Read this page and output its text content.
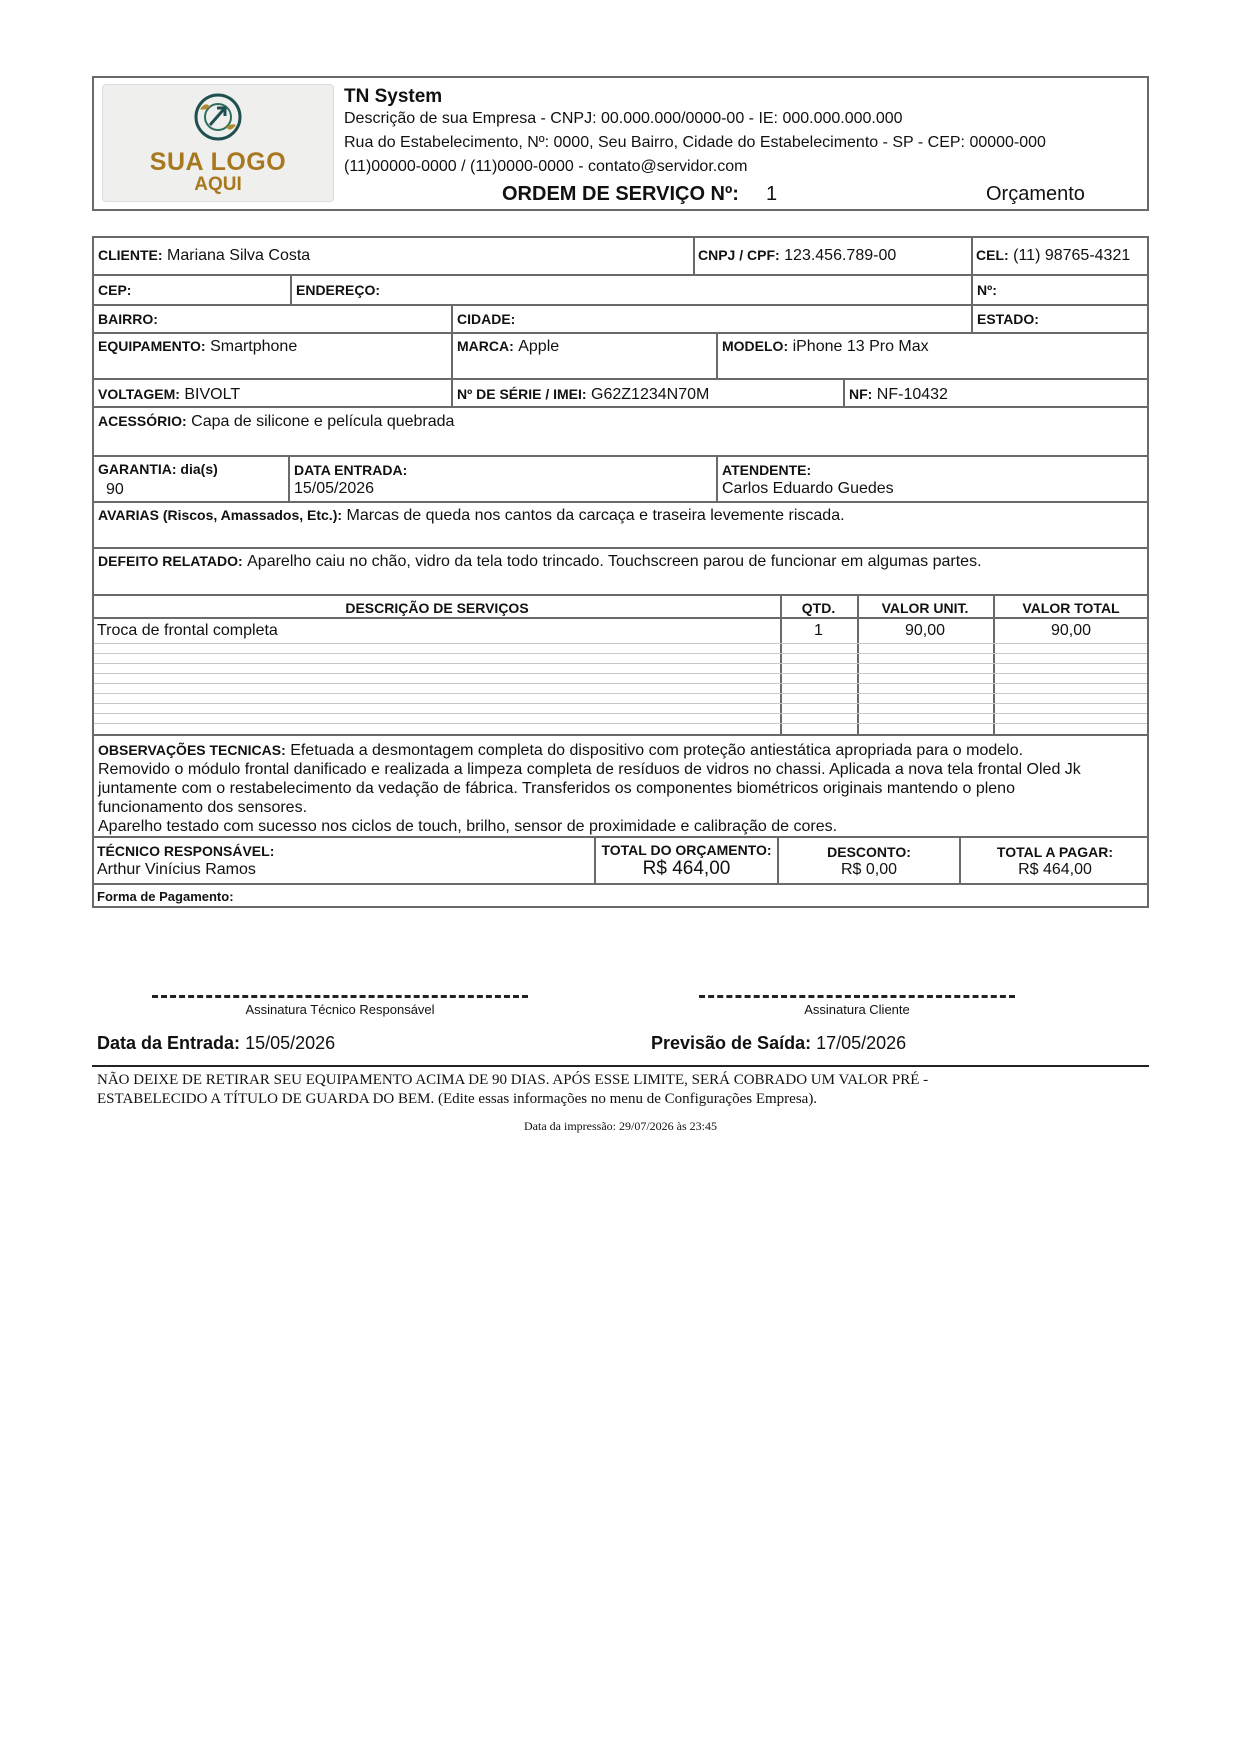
SUA LOGO
AQUI
TN System
Descrição de sua Empresa - CNPJ: 00.000.000/0000-00 - IE: 000.000.000.000
Rua do Estabelecimento, Nº: 0000, Seu Bairro, Cidade do Estabelecimento - SP - CEP: 00000-000
(11)00000-0000 / (11)0000-0000 - contato@servidor.com
ORDEM DE SERVIÇO Nº: 1	Orçamento
CLIENTE: Mariana Silva Costa	CNPJ / CPF: 123.456.789-00	CEL: (11) 98765-4321
CEP:	ENDEREÇO:	Nº:
BAIRRO:	CIDADE:	ESTADO:
EQUIPAMENTO: Smartphone	MARCA: Apple	MODELO: iPhone 13 Pro Max
VOLTAGEM: BIVOLT	Nº DE SÉRIE / IMEI: G62Z1234N70M	NF: NF-10432
ACESSÓRIO: Capa de silicone e película quebrada
GARANTIA: dia(s)
90
DATA ENTRADA:
15/05/2026
ATENDENTE:
Carlos Eduardo Guedes
AVARIAS (Riscos, Amassados, Etc.): Marcas de queda nos cantos da carcaça e traseira levemente riscada.
DEFEITO RELATADO: Aparelho caiu no chão, vidro da tela todo trincado. Touchscreen parou de funcionar em algumas partes.
DESCRIÇÃO DE SERVIÇOS	QTD.	VALOR UNIT.	VALOR TOTAL
Troca de frontal completa	1	90,00	90,00
OBSERVAÇÕES TECNICAS: Efetuada a desmontagem completa do dispositivo com proteção antiestática apropriada para o modelo.
Removido o módulo frontal danificado e realizada a limpeza completa de resíduos de vidros no chassi. Aplicada a nova tela frontal Oled Jk
juntamente com o restabelecimento da vedação de fábrica. Transferidos os componentes biométricos originais mantendo o pleno
funcionamento dos sensores.
Aparelho testado com sucesso nos ciclos de touch, brilho, sensor de proximidade e calibração de cores.
TÉCNICO RESPONSÁVEL:
Arthur Vinícius Ramos
TOTAL DO ORÇAMENTO:
R$ 464,00
DESCONTO:
R$ 0,00
TOTAL A PAGAR:
R$ 464,00
Forma de Pagamento:
Assinatura Técnico Responsável	Assinatura Cliente
Data da Entrada: 15/05/2026	Previsão de Saída: 17/05/2026
NÃO DEIXE DE RETIRAR SEU EQUIPAMENTO ACIMA DE 90 DIAS. APÓS ESSE LIMITE, SERÁ COBRADO UM VALOR PRÉ -
ESTABELECIDO A TÍTULO DE GUARDA DO BEM. (Edite essas informações no menu de Configurações Empresa).
Data da impressão: 29/07/2026 às 23:45
